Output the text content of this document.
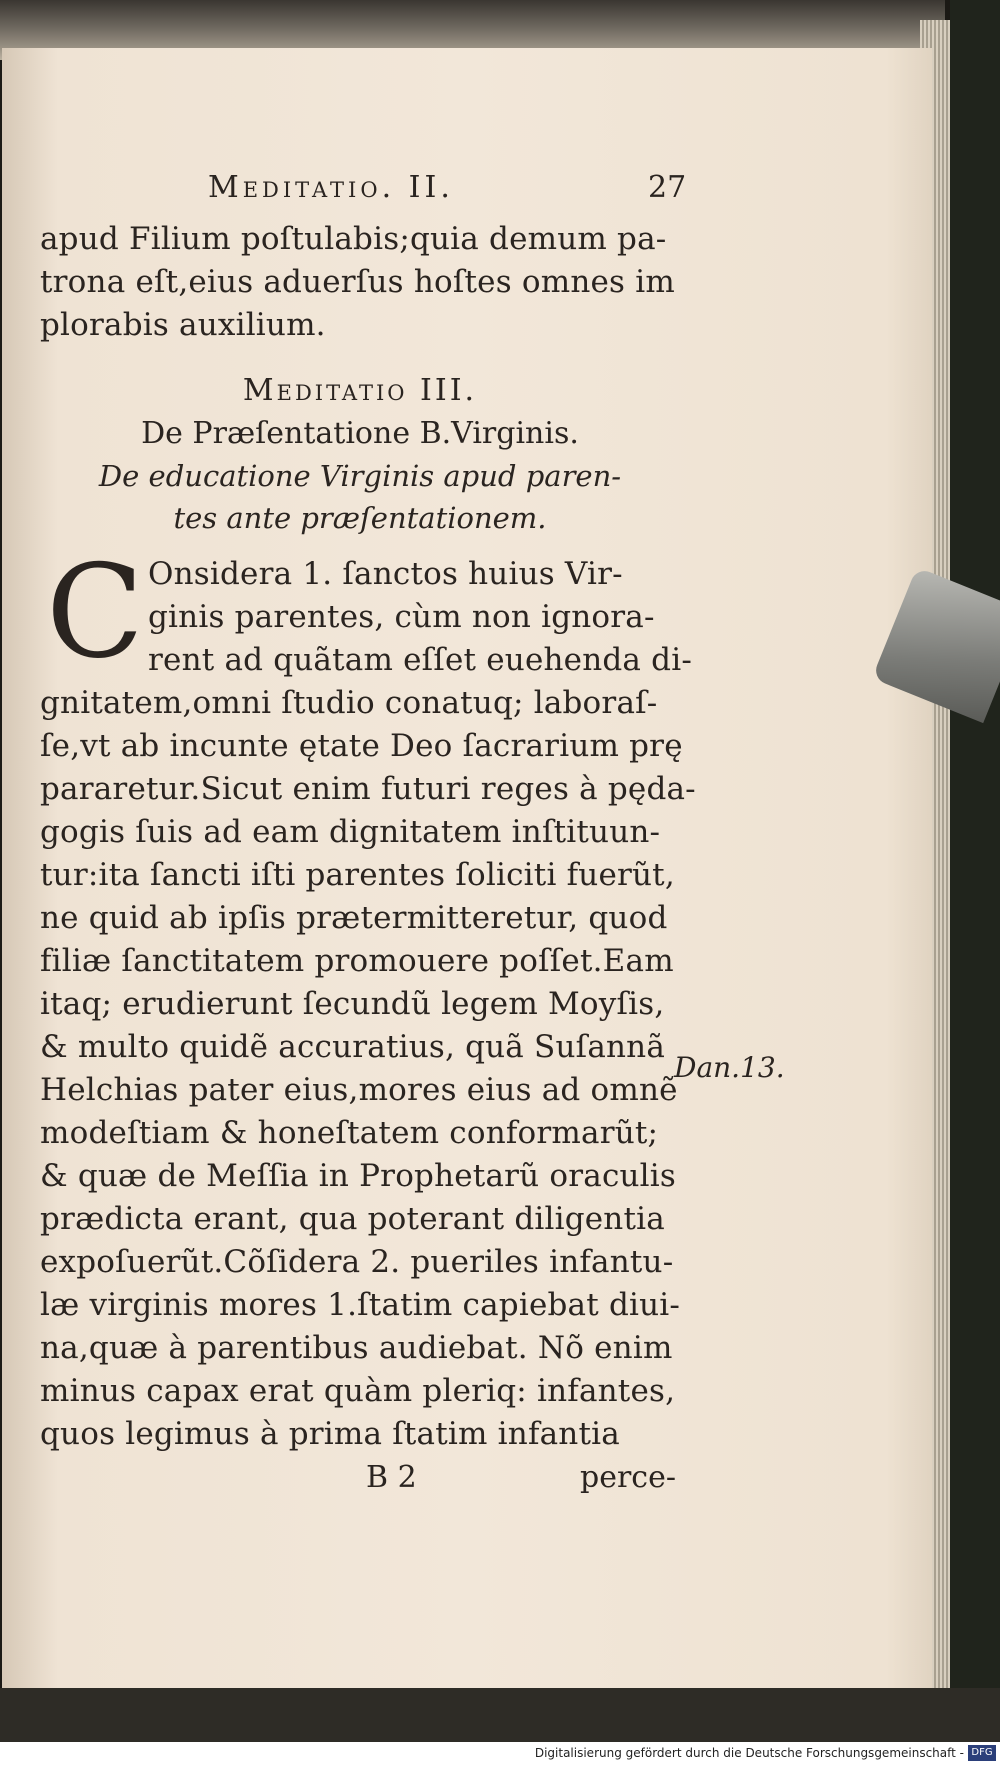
Meditatio. II.	27
apud Filium poſtulabis;quia demum pa-
trona eſt,eius aduerſus hoſtes omnes im
plorabis auxilium.
Meditatio III.
De Præſentatione B.Virginis.
De educatione Virginis apud paren-
tes ante præſentationem.
C Onsidera 1. ſanctos huius Vir-
ginis parentes, cùm non ignora-
rent ad quãtam eſſet euehenda di-
gnitatem,omni ſtudio conatuq; laboraſ-
ſe,vt ab incunte ętate Deo ſacrarium prę
pararetur.Sicut enim futuri reges à pęda-
gogis ſuis ad eam dignitatem inſtituun-
tur:ita ſancti iſti parentes ſoliciti fuerũt,
ne quid ab ipſis prætermitteretur, quod
filiæ ſanctitatem promouere poſſet.Eam
itaq; erudierunt ſecundũ legem Moyſis,
& multo quidẽ accuratius, quã Suſannã
Helchias pater eius,mores eius ad omnẽ
modeſtiam & honeſtatem conformarũt;
& quæ de Meſſia in Prophetarũ oraculis
prædicta erant, qua poterant diligentia
expoſuerũt.Cõſidera 2. pueriles infantu-
læ virginis mores 1.ſtatim capiebat diui-
na,quæ à parentibus audiebat. Nõ enim
minus capax erat quàm pleriq: infantes,
quos legimus à prima ſtatim infantia
B 2	perce-
Dan.13.
Digitalisierung gefördert durch die Deutsche Forschungsgemeinschaft - DFG
